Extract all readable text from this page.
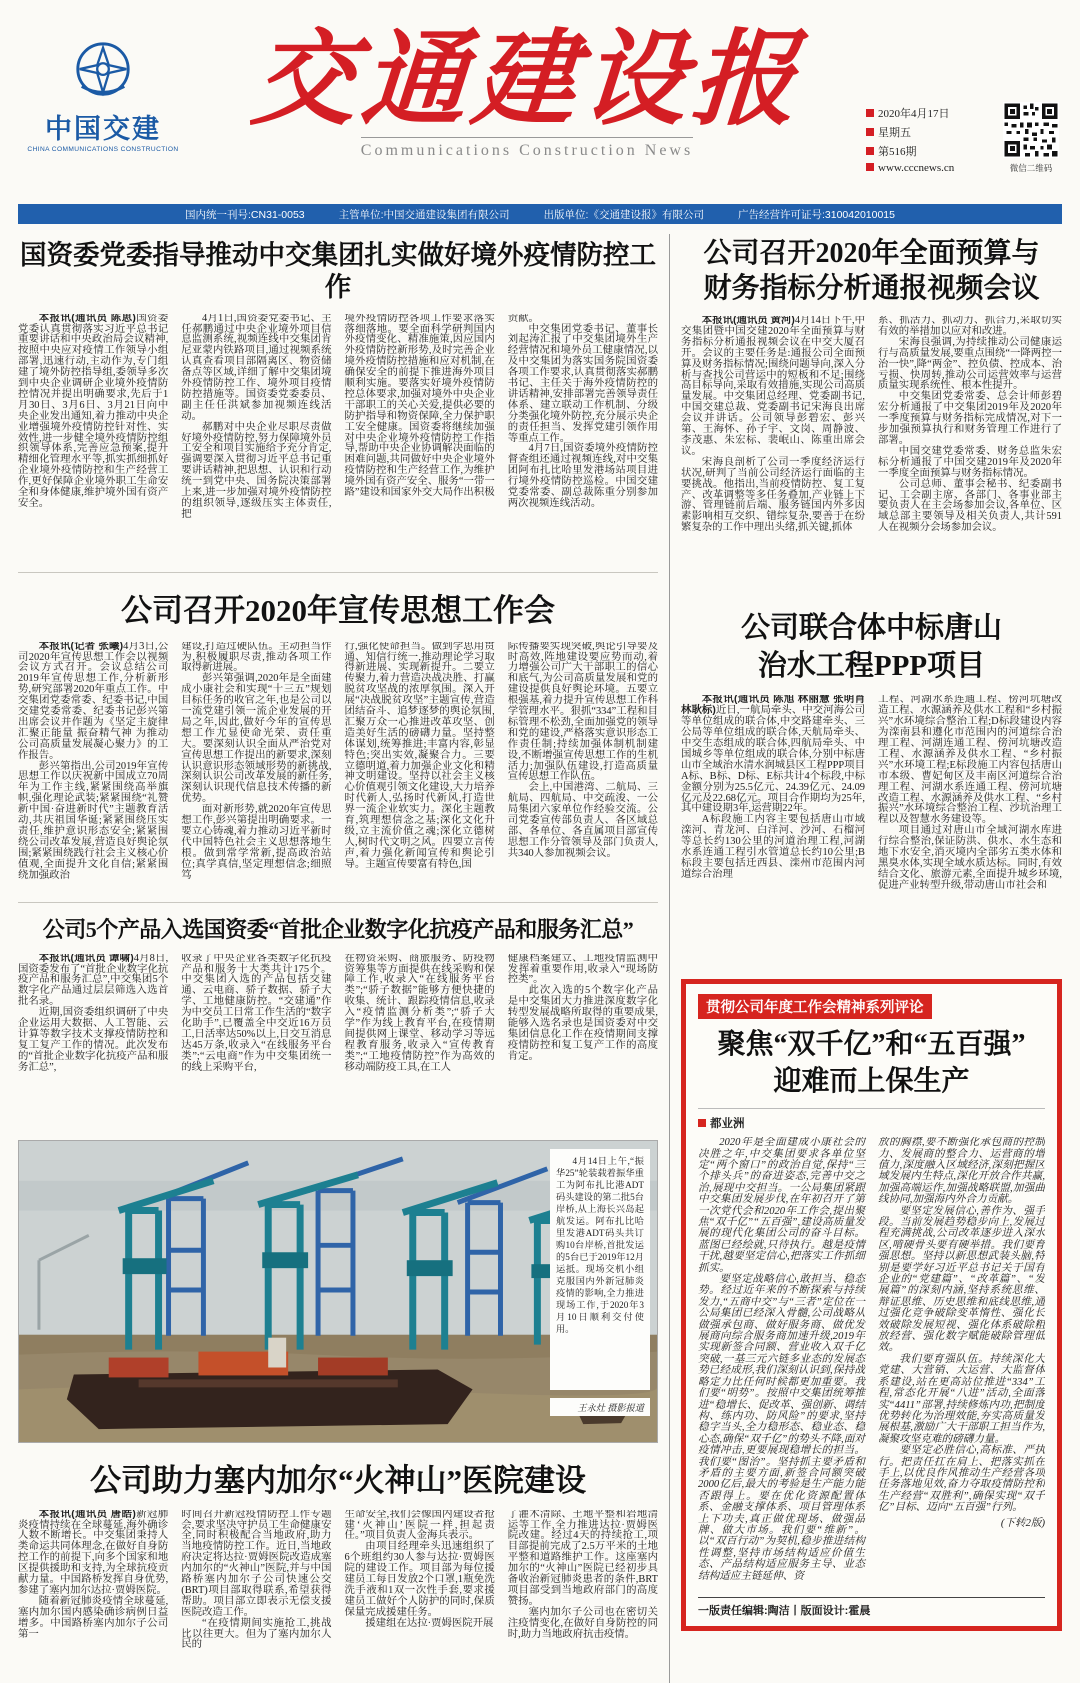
中国交建
CHINA COMMUNICATIONS CONSTRUCTION
交通建设报
Communications Construction News
2020年4月17日
星期五
第516期
www.cccnews.cn	微信二维码
国内统一刊号:CN31-0053	主管单位:中国交通建设集团有限公司	出版单位:《交通建设报》有限公司	广告经营许可证号:310042010015
国资委党委指导推动中交集团扎实做好境外疫情防控工作

本报讯(通讯员 陈思)国资委党委认真贯彻落实习近平总书记重要讲话和中央政治局会议精神,按照中央应对疫情工作领导小组部署,迅速行动,主动作为,专门组建了境外防控指导组,委领导多次到中央企业调研企业境外疫情防控情况并提出明确要求,先后于1月30日、3月6日、3月21日向中央企业发出通知,着力推动中央企业增强境外疫情防控针对性、实效性,进一步健全境外疫情防控组织领导体系,完善应急预案,提升精细化管理水平等,抓实抓细抓好企业境外疫情防控和生产经营工作,更好保障企业境外职工生命安全和身体健康,维护境外国有资产安全。

4月1日,国资委党委书记、主任郝鹏通过中央企业境外项目信息监测系统,视频连线中交集团肯尼亚蒙内铁路项目,通过视频系统认真查看项目部隔离区、物资储备点等区域,详细了解中交集团境外疫情防控工作、境外项目疫情防控措施等。国资委党委委员、副主任任洪斌参加视频连线活动。

郝鹏对中央企业尽职尽责做好境外疫情防控,努力保障境外员工安全和项目实施给予充分肯定,强调要深入贯彻习近平总书记重要讲话精神,把思想、认识和行动统一到党中央、国务院决策部署上来,进一步加强对境外疫情防控的组织领导,逐级压实主体责任,把

境外疫情防控各项工作要求落实落细落地。要全面科学研判国内外疫情变化、精准施策,因应国内外疫情防控新形势,及时完善企业境外疫情防控措施和应对机制,在确保安全的前提下推进海外项目顺利实施。要落实好境外疫情防控总体要求,加强对境外中央企业干部职工的关心关爱,提供必要的防护指导和物资保障,全力保护职工安全健康。国资委将继续加强对中央企业境外疫情防控工作指导,帮助中央企业协调解决面临的困难问题,共同做好中央企业境外疫情防控和生产经营工作,为维护境外国有资产安全、服务“一带一路”建设和国家外交大局作出积极

贡献。

中交集团党委书记、董事长刘起涛汇报了中交集团境外生产经营情况和境外员工健康情况,以及中交集团为落实国务院国资委各项工作要求,认真贯彻落实郝鹏书记、主任关于海外疫情防控的讲话精神,安排部署完善领导责任体系、建立联动工作机制、分级分类强化境外防控,充分展示央企的责任担当、发挥党建引领作用等重点工作。

4月7日,国资委境外疫情防控督查组还通过视频连线,对中交集团阿布扎比哈里发港场站项目进行境外疫情防控巡检。中国交建党委常委、副总裁陈重分别参加两次视频连线活动。

公司召开2020年宣传思想工作会

本报讯(记者 张曦)4月3日,公司2020年宣传思想工作会以视频会议方式召开。会议总结公司2019年宣传思想工作,分析新形势,研究部署2020年重点工作。中交集团党委常委、纪委书记,中国交建党委常委、纪委书记彭兴第出席会议并作题为《坚定主旋律 汇聚正能量 振奋精气神 为推动公司高质量发展凝心聚力》的工作报告。

彭兴第指出,公司2019年宣传思想工作以庆祝新中国成立70周年为工作主线,紧紧围绕高举旗帜,强化理论武装;紧紧围绕“礼赞新中国·奋进新时代”主题教育活动,共庆祖国华诞;紧紧围绕压实责任,维护意识形态安全;紧紧围绕公司改革发展,营造良好舆论氛围;紧紧围绕践行社会主义核心价值观,全面提升文化自信;紧紧围绕加强政治

建设,打造过硬队伍。主动担当作为,积极履职尽责,推动各项工作取得新进展。

彭兴第强调,2020年是全面建成小康社会和实现“十三五”规划目标任务的收官之年,也是公司以一流党建引领一流企业发展的开局之年,因此,做好今年的宣传思想工作尤显使命光荣、责任重大。要深刻认识全面从严治党对宣传思想工作提出的新要求,深刻认识意识形态领域形势的新挑战,深刻认识公司改革发展的新任务,深刻认识现代信息技术传播的新优势。

面对新形势,就2020年宣传思想工作,彭兴第提出明确要求。一要立心铸魂,着力推动习近平新时代中国特色社会主义思想落地生根。做到常学常新,提高政治站位;真学真信,坚定理想信念;细照笃

行,强化使命担当。做到学思用贯通、知信行统一,推动理论学习取得新进展、实现新提升。二要立传聚力,着力营造决战决胜、打赢脱贫攻坚战的浓厚氛围。深入开展“决战脱贫攻坚”主题宣传,营造团结奋斗、追梦逐梦的舆论氛围,汇聚万众一心推进改革攻坚、创造美好生活的磅礴力量。坚持整体谋划,统筹推进;丰富内容,彰显特色;突出实效,凝聚合力。三要立德明道,着力加强企业文化和精神文明建设。坚持以社会主义核心价值观引领文化建设,大力培养时代新人,弘扬时代新风,打造世界一流企业软实力。深化主题教育,筑理想信念之基;深化文化升级,立主流价值之魂;深化立德树人,树时代文明之风。四要立言传声,着力强化新闻宣传和舆论引导。主题宣传要富有特色,国

际传播要实现突破,舆论引导要及时高效,阵地建设要应势而动,着力增强公司广大干部职工的信心和底气,为公司高质量发展和党的建设提供良好舆论环境。五要立根强基,着力提升宣传思想工作科学管理水平。狠抓“334”工程和目标管理不松劲,全面加强党的领导和党的建设,严格落实意识形态工作责任制;持续加强体制机制建设,不断增强宣传思想工作的生机活力;加强队伍建设,打造高质量宣传思想工作队伍。

会上,中国港湾、二航局、三航局、四航局、中交疏浚、一公局集团六家单位作经验交流。公司党委宣传部负责人、各区域总部、各单位、各直属项目部宣传思想工作分管领导及部门负责人,共340人参加视频会议。

公司5个产品入选国资委“首批企业数字化抗疫产品和服务汇总”

本报讯(通讯员 谭啸)4月8日,国资委发布了“首批企业数字化抗疫产品和服务汇总”,中交集团5个数字化产品通过层层筛选入选首批名录。

近期,国资委组织调研了中央企业运用大数据、人工智能、云计算等数字技术支撑疫情防控和复工复产工作的情况。此次发布的“首批企业数字化抗疫产品和服务汇总”,

收录了中央企业各类数字化抗疫产品和服务十大类共计175个。中交集团入选的产品包括交建通、云电商、骄子数据、骄子大学、工地健康防控。“交建通”作为中交员工日常工作生活的“数字化助手”,已覆盖全中交近16万员工,日活率达50%以上,日交互消息达45万条,收录入“在线服务平台类”;“云电商”作为中交集团统一的线上采购平台,

在物资采购、商旅服务、防疫物资筹集等方面提供在线采购和保障工作,收录入“在线服务平台类”;“骄子数据”能够方便快捷的收集、统计、跟踪疫情信息,收录入“疫情监测分析类”;“骄子大学”作为线上教育平台,在疫情期间提供网上课堂、移动学习等远程教育服务,收录入“宣传教育类”;“工地疫情防控”作为高效的移动端防疫工具,在工人

健康档案建立、工地疫情监测中发挥着重要作用,收录入“现场防控类”。

此次入选的5个数字化产品是中交集团大力推进深度数字化转型发展战略所取得的重要成果,能够入选名录也是国资委对中交集团信息化工作在疫情期间支撑疫情防控和复工复产工作的高度肯定。

4月14日上午,“振华25”轮装载着振华重工为阿布扎比港ADT码头建设的第二批5台岸桥,从上海长兴岛起航发运。阿布扎比哈里发港ADT码头共订购10台岸桥,首批发运的5台已于2019年12月运抵。现场交机小组克服国内外新冠肺炎疫情的影响,全力推进现场工作,于2020年3月10日顺利交付使用。
王永灶 摄影报道
公司助力塞内加尔“火神山”医院建设

本报讯(通讯员 唐皓)新冠肺炎疫情持续在全球蔓延,海外确诊人数不断增长。中交集团秉持人类命运共同体理念,在做好自身防控工作的前提下,向多个国家和地区提供援助和支持,为全球抗疫贡献力量。中国路桥发挥自身优势,参建了塞内加尔达拉·贾姆医院。

随着新冠肺炎疫情全球蔓延,塞内加尔国内感染确诊病例日益增多。中国路桥塞内加尔子公司第一

时间召开新冠疫情防控工作专题会,要求坚决守护员工生命健康安全,同时积极配合当地政府,助力当地疫情防控工作。近日,当地政府决定将达拉·贾姆医院改造成塞内加尔的“火神山”医院,并与中国路桥塞内加尔子公司快速公交(BRT)项目部取得联系,希望获得帮助。项目部立即表示无偿支援医院改造工作。

“在疫情期间实施抢工,挑战比以往更大。但为了塞内加尔人民的

生命安全,我们会像国内建设者抢建‘火神山’医院一样,担起责任。”项目负责人金海兵表示。

由项目经理牵头迅速组织了6个班组约30人参与达拉·贾姆医院的建设工作。项目部为每位援建员工每日发放2个口罩,1瓶免洗洗手液和1双一次性手套,要求援建员工做好个人防护的同时,保质保量完成援建任务。

援建组在达拉·贾姆医院开展

了灌木清除、土地平整和岩地清运等工作,全力推进达拉·贾姆医院改建。经过4天的持续抢工,项目部提前完成了2.5万平米的土地平整和道路维护工作。这座塞内加尔的“火神山”医院已经初步具备收治新冠肺炎患者的条件,BRT项目部受到当地政府部门的高度赞扬。

塞内加尔子公司也在密切关注疫情变化,在做好自身防控的同时,助力当地政府抗击疫情。

公司召开2020年全面预算与
财务指标分析通报视频会议

本报讯(通讯员 黄河)4月14日下午,中交集团暨中国交建2020年全面预算与财务指标分析通报视频会议在中交大厦召开。会议的主要任务是:通报公司全面预算及财务指标情况;围绕问题导向,深入分析与查找公司营运中的短板和不足;围绕高目标导向,采取有效措施,实现公司高质量发展。中交集团总经理、党委副书记,中国交建总裁、党委副书记宋海良出席会议并讲话。公司领导彭碧宏、彭兴第、王海怀、孙子宇、文岗、周静波、李茂惠、朱宏标、裴岷山、陈重出席会议。

宋海良剖析了公司一季度经济运行状况,研判了当前公司经济运行面临的主要挑战。他指出,当前疫情防控、复工复产、改革调整等多任务叠加,产业链上下游、管理链前后端、服务链国内外多因素影响相互交织、错综复杂,要善于在纷繁复杂的工作中理出头绪,抓关键,抓体

系、抓活力、抓动力、抓合力,采取切实有效的举措加以应对和改进。

宋海良强调,为持续推动公司健康运行与高质量发展,要重点围绕“一降两控一治一快”,降“两金”、控负债、控成本、治亏损、快周转,推动公司运营效率与运营质量实现系统性、根本性提升。

中交集团党委常委、总会计师彭碧宏分析通报了中交集团2019年及2020年一季度预算与财务指标完成情况,对下一步加强预算执行和财务管理工作进行了部署。

中国交建党委常委、财务总监朱宏标分析通报了中国交建2019年及2020年一季度全面预算与财务指标情况。

公司总师、董事会秘书、纪委副书记、工会副主席、各部门、各事业部主要负责人在主会场参加会议,各单位、区域总部主要领导及相关负责人,共计591人在视频分会场参加会议。

公司联合体中标唐山
治水工程PPP项目

本报讯(通讯员 陈旭 林丽慧 张明肖 林耿标)近日,一航局牵头、中交河海公司等单位组成的联合体,中交路建牵头、三公局等单位组成的联合体,天航局牵头、中交生态组成的联合体,四航局牵头、中国城乡等单位组成的联合体,分别中标唐山市全域治水清水润城县区工程PPP项目A标、B标、D标、E标共计4个标段,中标金额分别为25.5亿元、24.39亿元、24.09亿元及22.68亿元。项目合作期均为25年,其中建设期3年,运营期22年。

A标段施工内容主要包括唐山市域滦河、青龙河、白洋河、沙河、石榴河等总长约130公里的河道治理工程,河湖水系连通工程引水管道总长约10公里;B标段主要包括迁西县、滦州市范围内河道综合治理

工程、河湖水系连通工程、傍河坑塘改造工程、水源涵养及供水工程和“乡村振兴”水环境综合整治工程;D标段建设内容为滦南县和遵化市范围内的河道综合治理工程、河湖连通工程、傍河坑塘改造工程、水源涵养及供水工程、“乡村振兴”水环境工程;E标段施工内容包括唐山市本级、曹妃甸区及丰南区河道综合治理工程、河湖水系连通工程、傍河坑塘改造工程、水源涵养及供水工程、“乡村振兴”水环境综合整治工程、沙坑治理工程以及智慧水务建设等。

项目通过对唐山市全域河湖水库进行综合整治,保证防洪、供水、水生态和地下水安全,消灭境内全部劣五类水体和黑臭水体,实现全域水质达标。同时,有效结合文化、旅游元素,全面提升城乡环境,促进产业转型升级,带动唐山市社会和

贯彻公司年度工作会精神系列评论
聚焦“双千亿”和“五百强”
迎难而上保生产
都业洲

2020年是全面建成小康社会的决胜之年,中交集团要求各单位坚定“两个窗口”的政治自觉,保持“三个排头兵”的奋进姿态,完善中交之治,展现中交担当。一公局集团紧跟中交集团发展步伐,在年初召开了第一次党代会和2020年工作会,提出聚焦“双千亿”“五百强”,建设高质量发展的现代化集团公司的奋斗目标。蓝图已经绘就,只待执行。越是疫情干扰,越要坚定信心,把落实工作抓细抓实。

要坚定战略信心,敢担当、稳态势。经过近年来的不断探索与持续发力,“五商中交”与“三者”定位在一公局集团已经深入骨髓,公司战略从做强承包商、做好服务商、做优发展商向综合服务商加速升级,2019年实现新签合同额、营业收入双千亿突破,一基三元六链多业态的发展态势已经成形,我们深刻认识到,保持战略定力比任何时候都更加重要。我们要“明势”。按照中交集团统筹推进“稳增长、促改革、强创新、调结构、练内功、防风险”的要求,坚持稳字当头,全力稳形态、稳业态、稳心态,确保“双千亿”的势头不降,面对疫情冲击,更要展现稳增长的担当。我们要“图治”。坚持抓主要矛盾和矛盾的主要方面,新签合同额突破2000亿后,最大的考验是生产能力能否跟得上。要在优化资源配置体系、金融支撑体系、项目管理体系上下功夫,真正做优现场、做强品牌、做大市场。我们要“维新”。以“双百行动”为契机,稳步推进结构性调整,坚持市场结构适应价值生态、产品结构适应服务主导、业态结构适应主链延伸、资

放的胸襟,要不断强化承包商的控制力、发展商的整合力、运营商的增值力,深度融入区域经济,深刻把握区域发展内生特点,深化开放合作共赢,加强高端运作,加强战略联盟,加强曲线协同,加强海内外合力贡献。

要坚定发展信心,善作为、强手段。当前发展趋势稳步向上,发展过程充满挑战,公司改革逐步进入深水区,啃硬骨头要有硬举措。我们要育强思想。坚持以新思想武装头脑,特别是要学好习近平总书记关于国有企业的“党建篇”、“改革篇”、“发展篇”的深刻内涵,坚持系统思维、辩证思维、历史思维和底线思维,通过强化竞争破除变革惰性、强化长效破除发展短视、强化体系破除粗放经营、强化数字赋能破除管理低效。

我们要育强队伍。持续深化大党建、大营销、大运营、大监督体系建设,站在更高站位推进“334”工程,常态化开展“八进”活动,全面落实“4411”部署,持续修炼内功,把制度优势转化为治理效能,夯实高质量发展根基,激励广大干部职工担当作为,凝聚攻坚克难的磅礴力量。

要坚定必胜信心,高标准、严执行。把责任扛在肩上、把落实抓在手上,以优良作风推动生产经营各项任务落地见效,奋力夺取疫情防控和生产经营“双胜利”,确保实现“双千亿”目标、迈向“五百强”行列。

(下转2版)

一版责任编辑:陶洁丨版面设计:霍晨
